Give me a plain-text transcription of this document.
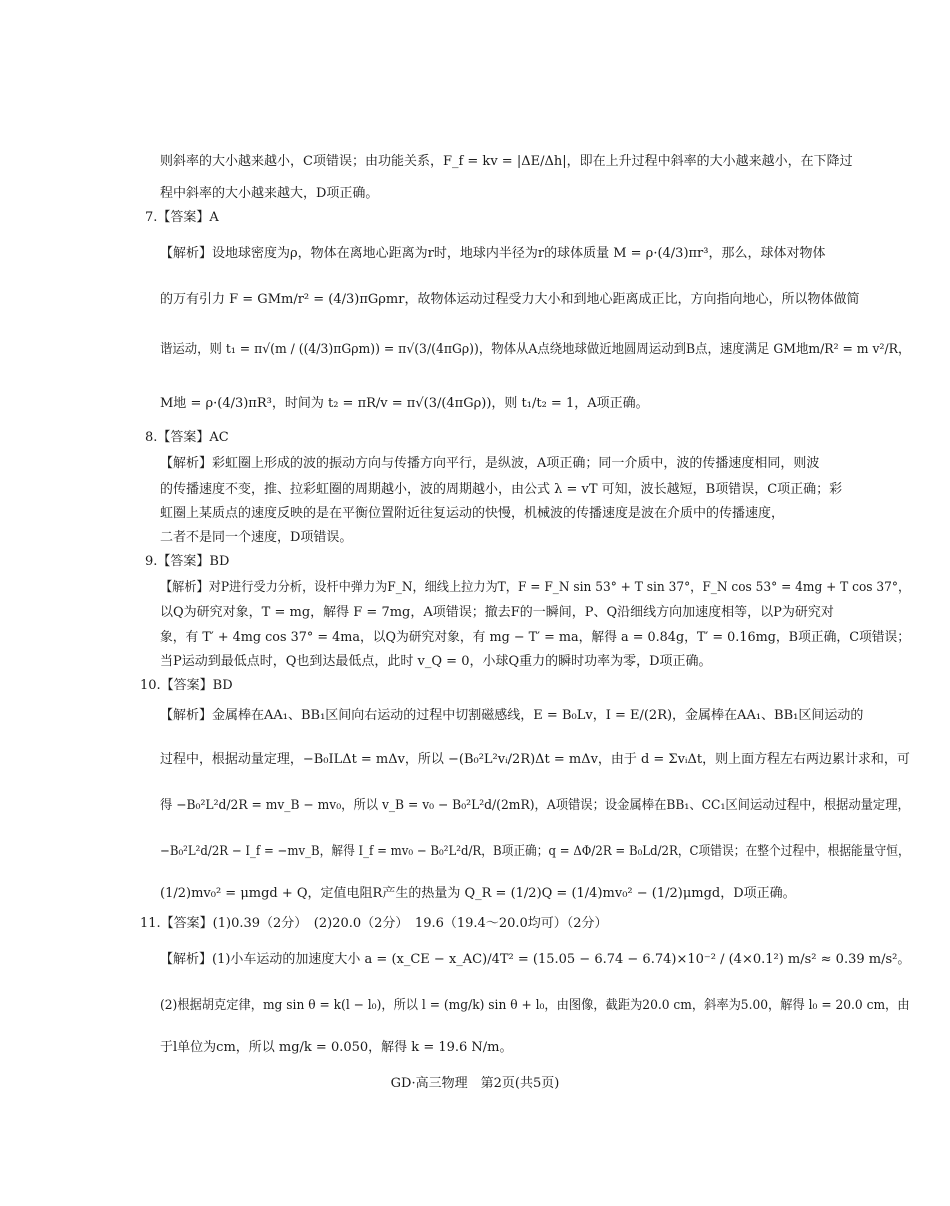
则斜率的大小越来越小，C项错误；由功能关系，F_f = kv = |ΔE/Δh|，即在上升过程中斜率的大小越来越小，在下降过
程中斜率的大小越来越大，D项正确。
7.【答案】A
【解析】设地球密度为ρ，物体在离地心距离为r时，地球内半径为r的球体质量 M = ρ·(4/3)πr³，那么，球体对物体
的万有引力 F = GMm/r² = (4/3)πGρmr，故物体运动过程受力大小和到地心距离成正比，方向指向地心，所以物体做简
谐运动，则 t₁ = π√(m / ((4/3)πGρm)) = π√(3/(4πGρ))，物体从A点绕地球做近地圆周运动到B点，速度满足 GM地m/R² = m v²/R，
M地 = ρ·(4/3)πR³，时间为 t₂ = πR/v = π√(3/(4πGρ))，则 t₁/t₂ = 1，A项正确。
8.【答案】AC
【解析】彩虹圈上形成的波的振动方向与传播方向平行，是纵波，A项正确；同一介质中，波的传播速度相同，则波
的传播速度不变，推、拉彩虹圈的周期越小，波的周期越小，由公式 λ = vT 可知，波长越短，B项错误，C项正确；彩
虹圈上某质点的速度反映的是在平衡位置附近往复运动的快慢，机械波的传播速度是波在介质中的传播速度，
二者不是同一个速度，D项错误。
9.【答案】BD
【解析】对P进行受力分析，设杆中弹力为F_N，细线上拉力为T，F = F_N sin 53° + T sin 37°，F_N cos 53° = 4mg + T cos 37°，
以Q为研究对象，T = mg，解得 F = 7mg，A项错误；撤去F的一瞬间，P、Q沿细线方向加速度相等，以P为研究对
象，有 T′ + 4mg cos 37° = 4ma，以Q为研究对象，有 mg − T′ = ma，解得 a = 0.84g，T′ = 0.16mg，B项正确，C项错误；
当P运动到最低点时，Q也到达最低点，此时 v_Q = 0，小球Q重力的瞬时功率为零，D项正确。
10.【答案】BD
【解析】金属棒在AA₁、BB₁区间向右运动的过程中切割磁感线，E = B₀Lv，I = E/(2R)，金属棒在AA₁、BB₁区间运动的
过程中，根据动量定理，−B₀ILΔt = mΔv，所以 −(B₀²L²vᵢ/2R)Δt = mΔv，由于 d = ΣvᵢΔt，则上面方程左右两边累计求和，可
得 −B₀²L²d/2R = mv_B − mv₀，所以 v_B = v₀ − B₀²L²d/(2mR)，A项错误；设金属棒在BB₁、CC₁区间运动过程中，根据动量定理，
−B₀²L²d/2R − I_f = −mv_B，解得 I_f = mv₀ − B₀²L²d/R，B项正确；q = ΔΦ/2R = B₀Ld/2R，C项错误；在整个过程中，根据能量守恒，
(1/2)mv₀² = μmgd + Q，定值电阻R产生的热量为 Q_R = (1/2)Q = (1/4)mv₀² − (1/2)μmgd，D项正确。
11.【答案】(1)0.39（2分）　(2)20.0（2分）　19.6（19.4～20.0均可）（2分）
【解析】(1)小车运动的加速度大小 a = (x_CE − x_AC)/4T² = (15.05 − 6.74 − 6.74)×10⁻² / (4×0.1²) m/s² ≈ 0.39 m/s²。
(2)根据胡克定律，mg sin θ = k(l − l₀)，所以 l = (mg/k) sin θ + l₀，由图像，截距为20.0 cm，斜率为5.00，解得 l₀ = 20.0 cm，由
于l单位为cm，所以 mg/k = 0.050，解得 k = 19.6 N/m。
GD·高三物理　第2页(共5页)
